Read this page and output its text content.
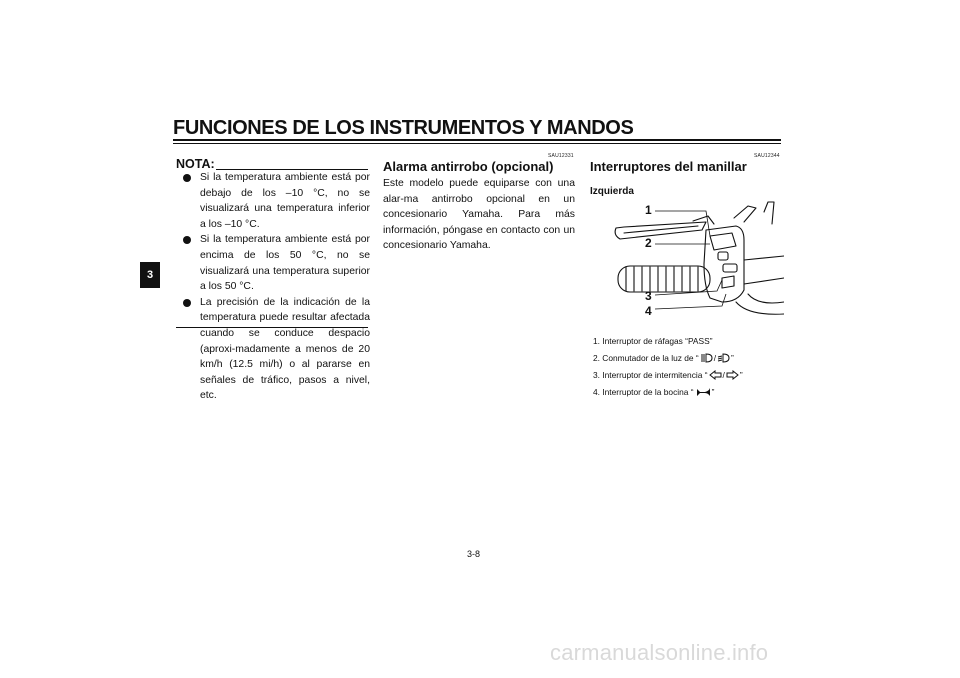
FUNCIONES DE LOS INSTRUMENTOS Y MANDOS
3
NOTA:
Si la temperatura ambiente está por debajo de los –10 °C, no se visualizará una temperatura inferior a los –10 °C.
Si la temperatura ambiente está por encima de los 50 °C, no se visualizará una temperatura superior a los 50 °C.
La precisión de la indicación de la temperatura puede resultar afectada cuando se conduce despacio (aproxi-madamente a menos de 20 km/h (12.5 mi/h) o al pararse en señales de tráfico, pasos a nivel, etc.
SAU12331
Alarma antirrobo (opcional)

Este modelo puede equiparse con una alar-ma antirrobo opcional en un concesionario Yamaha. Para más información, póngase en contacto con un concesionario Yamaha.

SAU12344
Interruptores del manillar
Izquierda
1
2
3
4
1. Interruptor de ráfagas “PASS”
2. Conmutador de la luz de “ / ”
3. Interruptor de intermitencia “ / ”
4. Interruptor de la bocina “ ”
3-8
carmanualsonline.info
